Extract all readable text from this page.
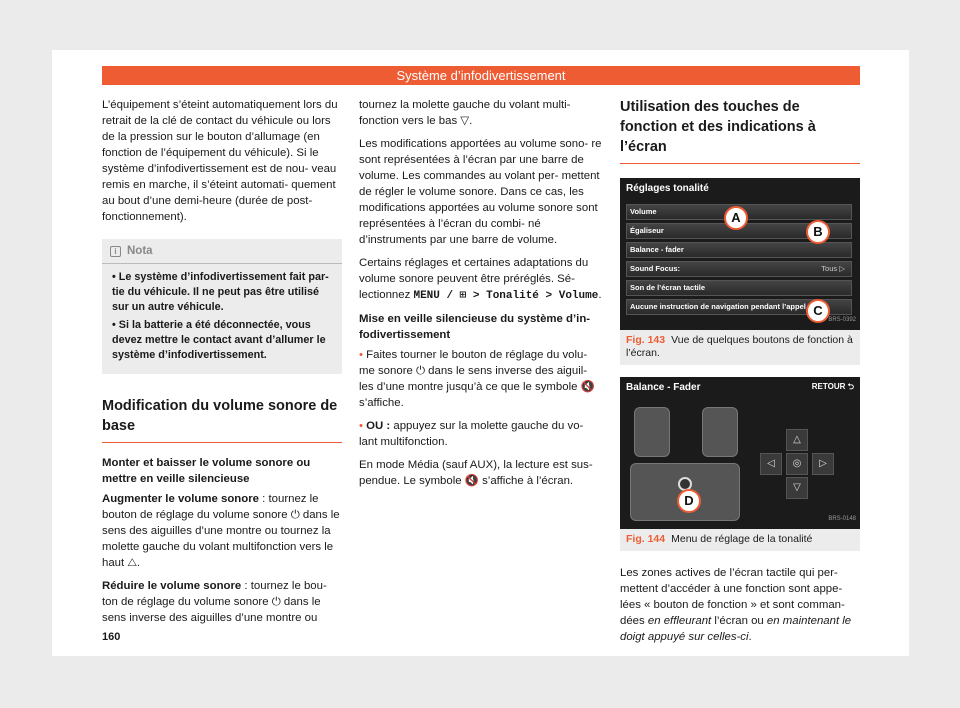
Système d’infodivertissement

L’équipement s’éteint automatiquement lors du retrait de la clé de contact du véhicule ou lors de la pression sur le bouton d’allumage (en fonction de l’équipement du véhicule). Si le système d’infodivertissement est de nou- veau remis en marche, il s’éteint automati- quement au bout d’une demi-heure (durée de post-fonctionnement).

i Nota

• Le système d’infodivertissement fait par- tie du véhicule. Il ne peut pas être utilisé sur un autre véhicule.

• Si la batterie a été déconnectée, vous devez mettre le contact avant d’allumer le système d’infodivertissement.

Modification du volume sonore de base
Monter et baisser le volume sonore ou mettre en veille silencieuse

Augmenter le volume sonore : tournez le bouton de réglage du volume sonore ⏻ dans le sens des aiguilles d’une montre ou tournez la molette gauche du volant multifonction vers le haut △.

Réduire le volume sonore : tournez le bou- ton de réglage du volume sonore ⏻ dans le sens inverse des aiguilles d’une montre ou

tournez la molette gauche du volant multi- fonction vers le bas ▽.

Les modifications apportées au volume sono- re sont représentées à l’écran par une barre de volume. Les commandes au volant per- mettent de régler le volume sonore. Dans ce cas, les modifications apportées au volume sonore sont représentées à l’écran du combi- né d’instruments par une barre de volume.

Certains réglages et certaines adaptations du volume sonore peuvent être préréglés. Sé- lectionnez MENU / ⊞ > Tonalité > Volume.

Mise en veille silencieuse du système d’in- fodivertissement

• Faites tourner le bouton de réglage du volu- me sonore ⏻ dans le sens inverse des aiguil- les d’une montre jusqu’à ce que le symbole 🔇 s’affiche.

• OU : appuyez sur la molette gauche du vo- lant multifonction.

En mode Média (sauf AUX), la lecture est sus- pendue. Le symbole 🔇 s’affiche à l’écran.

Utilisation des touches de fonction et des indications à l’écran
Réglages tonalité
Volume
Égaliseur
Balance - fader
Sound Focus:	Tous ▷
Son de l’écran tactile
Aucune instruction de navigation pendant l’appel
A
B
C
BRS-0392
Fig. 143 Vue de quelques boutons de fonction à l’écran.
Balance - Fader	RETOUR ⮌
D
△
◁	◎	▷
▽
BRS-0148
Fig. 144 Menu de réglage de la tonalité

Les zones actives de l’écran tactile qui per- mettent d’accéder à une fonction sont appe- lées « bouton de fonction » et sont comman- dées en effleurant l’écran ou en maintenant le doigt appuyé sur celles-ci.

160
